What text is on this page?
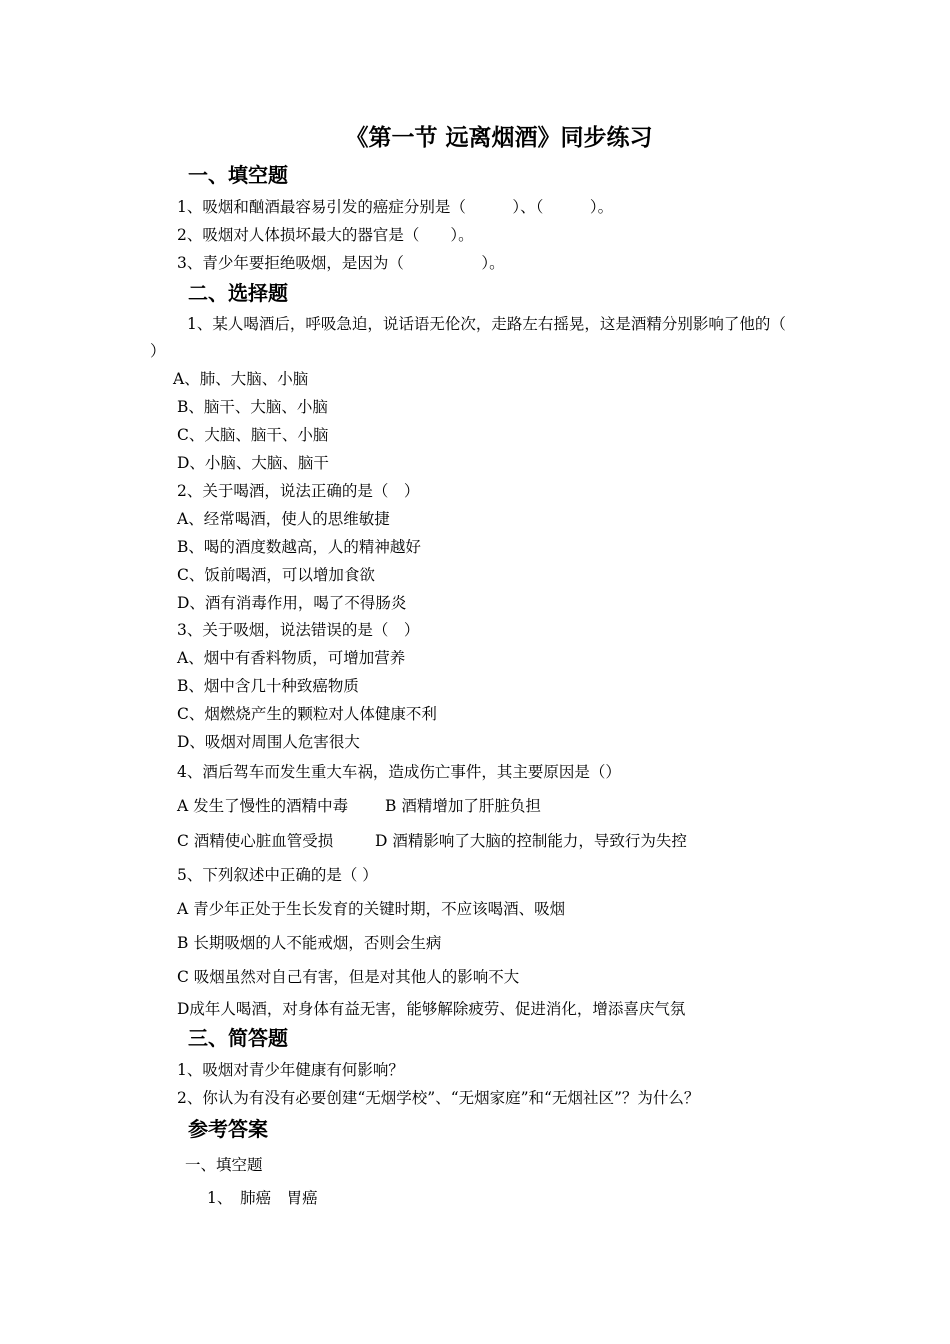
《第一节 远离烟酒》同步练习
一、填空题
1、吸烟和酗酒最容易引发的癌症分别是（　　　）、（　　　）。
2、吸烟对人体损坏最大的器官是（　　）。
3、青少年要拒绝吸烟，是因为（　　　　　）。
二、选择题
1、某人喝酒后，呼吸急迫，说话语无伦次，走路左右摇晃，这是酒精分别影响了他的（
）
A、肺、大脑、小脑
B、脑干、大脑、小脑
C、大脑、脑干、小脑
D、小脑、大脑、脑干
2、关于喝酒，说法正确的是（　）
A、经常喝酒，使人的思维敏捷
B、喝的酒度数越高，人的精神越好
C、饭前喝酒，可以增加食欲
D、酒有消毒作用，喝了不得肠炎
3、关于吸烟，说法错误的是（　）
A、烟中有香料物质，可增加营养
B、烟中含几十种致癌物质
C、烟燃烧产生的颗粒对人体健康不利
D、吸烟对周围人危害很大
4、酒后驾车而发生重大车祸，造成伤亡事件，其主要原因是（）
A 发生了慢性的酒精中毒 B 酒精增加了肝脏负担
C 酒精使心脏血管受损	D 酒精影响了大脑的控制能力，导致行为失控
5、下列叙述中正确的是（ ）
A 青少年正处于生长发育的关键时期，不应该喝酒、吸烟
B 长期吸烟的人不能戒烟，否则会生病
C 吸烟虽然对自己有害，但是对其他人的影响不大
D成年人喝酒，对身体有益无害，能够解除疲劳、促进消化，增添喜庆气氛
三、简答题
1、吸烟对青少年健康有何影响？
2、你认为有没有必要创建“无烟学校”、“无烟家庭”和“无烟社区”？为什么？
参考答案
一、填空题
1、　肺癌　胃癌
